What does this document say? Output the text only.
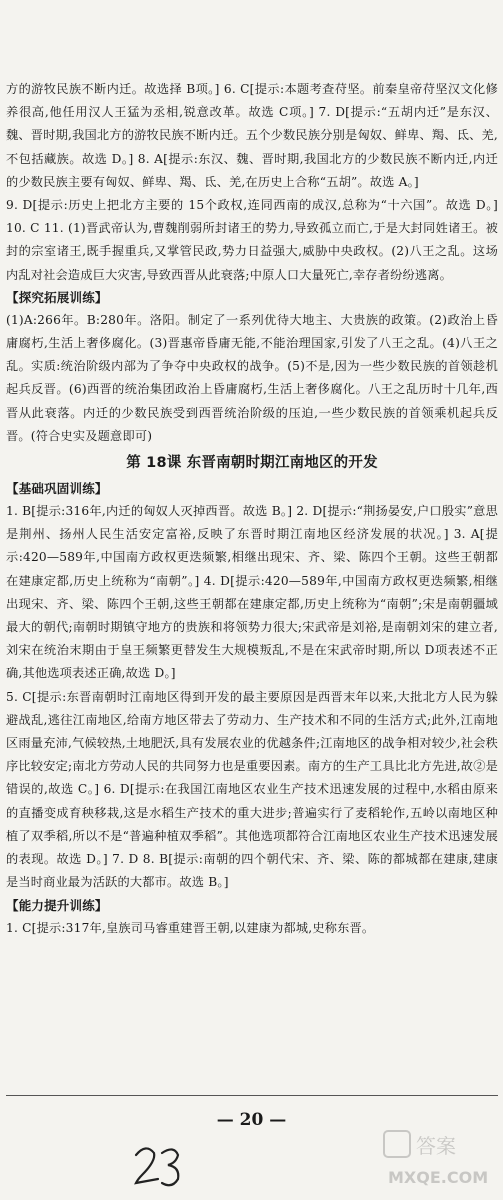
方的游牧民族不断内迁。故选择 B项。] 6. C[提示:本题考查苻坚。前秦皇帝苻坚汉文化修养很高,他任用汉人王猛为丞相,锐意改革。故选 C项。] 7. D[提示:“五胡内迁”是东汉、魏、晋时期,我国北方的游牧民族不断内迁。五个少数民族分别是匈奴、鲜卑、羯、氐、羌,不包括藏族。故选 D。] 8. A[提示:东汉、魏、晋时期,我国北方的少数民族不断内迁,内迁的少数民族主要有匈奴、鲜卑、羯、氐、羌,在历史上合称“五胡”。故选 A。]

9. D[提示:历史上把北方主要的 15个政权,连同西南的成汉,总称为“十六国”。故选 D。] 10. C 11. (1)晋武帝认为,曹魏削弱所封诸王的势力,导致孤立而亡,于是大封同姓诸王。被封的宗室诸王,既手握重兵,又掌管民政,势力日益强大,威胁中央政权。(2)八王之乱。这场内乱对社会造成巨大灾害,导致西晋从此衰落;中原人口大量死亡,幸存者纷纷逃离。

【探究拓展训练】

(1)A:266年。B:280年。洛阳。制定了一系列优待大地主、大贵族的政策。(2)政治上昏庸腐朽,生活上奢侈腐化。(3)晋惠帝昏庸无能,不能治理国家,引发了八王之乱。(4)八王之乱。实质:统治阶级内部为了争夺中央政权的战争。(5)不是,因为一些少数民族的首领趁机起兵反晋。(6)西晋的统治集团政治上昏庸腐朽,生活上奢侈腐化。八王之乱历时十几年,西晋从此衰落。内迁的少数民族受到西晋统治阶级的压迫,一些少数民族的首领乘机起兵反晋。(符合史实及题意即可)

第 18课 东晋南朝时期江南地区的开发

【基础巩固训练】

1. B[提示:316年,内迁的匈奴人灭掉西晋。故选 B。] 2. D[提示:“荆扬晏安,户口殷实”意思是荆州、扬州人民生活安定富裕,反映了东晋时期江南地区经济发展的状况。] 3. A[提示:420—589年,中国南方政权更迭频繁,相继出现宋、齐、梁、陈四个王朝。这些王朝都在建康定都,历史上统称为“南朝”。] 4. D[提示:420—589年,中国南方政权更迭频繁,相继出现宋、齐、梁、陈四个王朝,这些王朝都在建康定都,历史上统称为“南朝”;宋是南朝疆域最大的朝代;南朝时期镇守地方的贵族和将领势力很大;宋武帝是刘裕,是南朝刘宋的建立者,刘宋在统治末期由于皇王频繁更替发生大规模叛乱,不是在宋武帝时期,所以 D项表述不正确,其他选项表述正确,故选 D。]

5. C[提示:东晋南朝时江南地区得到开发的最主要原因是西晋末年以来,大批北方人民为躲避战乱,逃往江南地区,给南方地区带去了劳动力、生产技术和不同的生活方式;此外,江南地区雨量充沛,气候较热,土地肥沃,具有发展农业的优越条件;江南地区的战争相对较少,社会秩序比较安定;南北方劳动人民的共同努力也是重要因素。南方的生产工具比北方先进,故②是错误的,故选 C。] 6. D[提示:在我国江南地区农业生产技术迅速发展的过程中,水稻由原来的直播变成育秧移栽,这是水稻生产技术的重大进步;普遍实行了麦稻轮作,五岭以南地区种植了双季稻,所以不是“普遍种植双季稻”。其他选项都符合江南地区农业生产技术迅速发展的表现。故选 D。] 7. D 8. B[提示:南朝的四个朝代宋、齐、梁、陈的都城都在建康,建康是当时商业最为活跃的大都市。故选 B。]

【能力提升训练】

1. C[提示:317年,皇族司马睿重建晋王朝,以建康为都城,史称东晋。

— 20 —
答案
MXQE.COM
